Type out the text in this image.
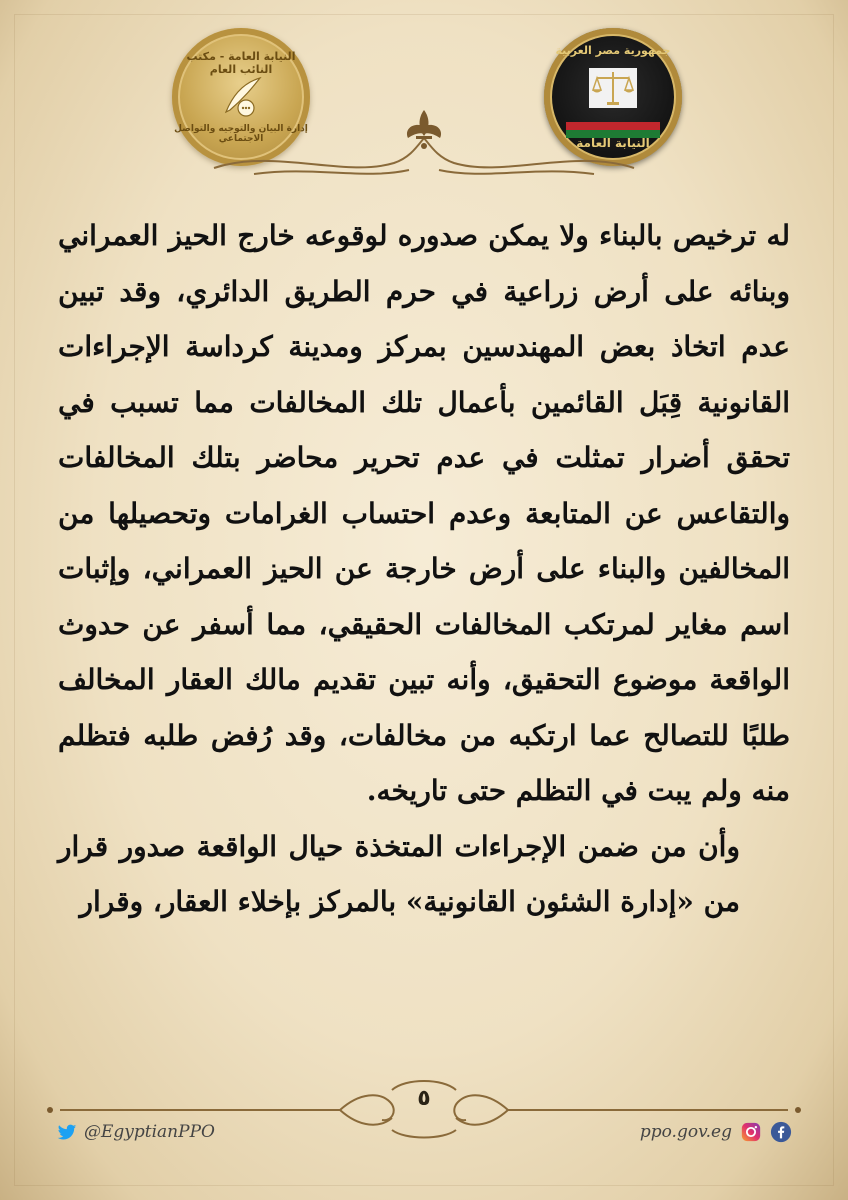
النيابة العامة - مكتب النائب العام
إدارة البيان والتوجيه والتواصل الاجتماعي
جمهورية مصر العربية
النيابة العامة

له ترخيص بالبناء ولا يمكن صدوره لوقوعه خارج الحيز العمراني وبنائه على أرض زراعية في حرم الطريق الدائري، وقد تبين عدم اتخاذ بعض المهندسين بمركز ومدينة كرداسة الإجراءات القانونية قِبَل القائمين بأعمال تلك المخالفات مما تسبب في تحقق أضرار تمثلت في عدم تحرير محاضر بتلك المخالفات والتقاعس عن المتابعة وعدم احتساب الغرامات وتحصيلها من المخالفين والبناء على أرض خارجة عن الحيز العمراني، وإثبات اسم مغاير لمرتكب المخالفات الحقيقي، مما أسفر عن حدوث الواقعة موضوع التحقيق، وأنه تبين تقديم مالك العقار المخالف طلبًا للتصالح عما ارتكبه من مخالفات، وقد رُفض طلبه فتظلم منه ولم يبت في التظلم حتى تاريخه.

وأن من ضمن الإجراءات المتخذة حيال الواقعة صدور قرار من «إدارة الشئون القانونية» بالمركز بإخلاء العقار، وقرار

٥
@EgyptianPPO	ppo.gov.eg
